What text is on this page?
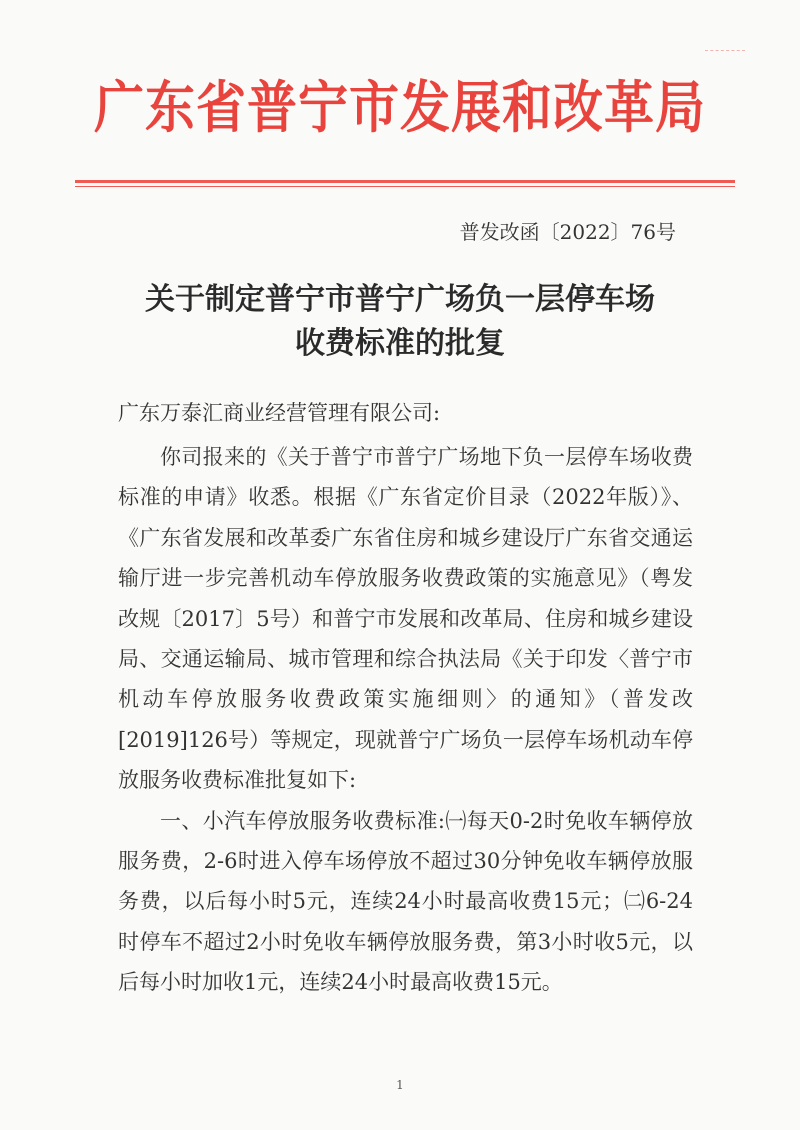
广东省普宁市发展和改革局
普发改函〔2022〕76号
关于制定普宁市普宁广场负一层停车场
收费标准的批复
广东万泰汇商业经营管理有限公司:

你司报来的《关于普宁市普宁广场地下负一层停车场收费标准的申请》收悉。根据《广东省定价目录（2022年版）》、《广东省发展和改革委广东省住房和城乡建设厅广东省交通运输厅进一步完善机动车停放服务收费政策的实施意见》（粤发改规〔2017〕5号）和普宁市发展和改革局、住房和城乡建设局、交通运输局、城市管理和综合执法局《关于印发〈普宁市机动车停放服务收费政策实施细则〉的通知》（普发改[2019]126号）等规定，现就普宁广场负一层停车场机动车停放服务收费标准批复如下:

一、小汽车停放服务收费标准:㈠每天0-2时免收车辆停放服务费，2-6时进入停车场停放不超过30分钟免收车辆停放服务费，以后每小时5元，连续24小时最高收费15元；㈡6-24时停车不超过2小时免收车辆停放服务费，第3小时收5元，以后每小时加收1元，连续24小时最高收费15元。

1
